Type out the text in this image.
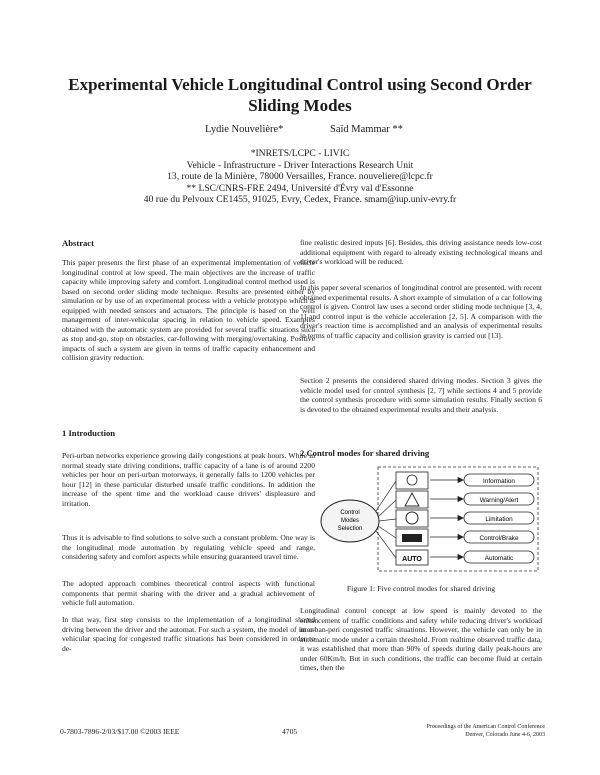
Experimental Vehicle Longitudinal Control using Second Order
Sliding Modes
Lydie Nouvelière*	Saïd Mammar **
*INRETS/LCPC - LIVIC
Vehicle - Infrastructure - Driver Interactions Research Unit
13, route de la Minière, 78000 Versailles, France. nouveliere@lcpc.fr
** LSC/CNRS-FRE 2494, Université d'Évry val d'Essonne
40 rue du Pelvoux CE1455, 91025, Evry, Cedex, France. smam@iup.univ-evry.fr
Abstract
This paper presents the first phase of an experimental implementation of vehicle longitudinal control at low speed. The main objectives are the increase of traffic capacity while improving safety and comfort. Longitudinal control method used is based on second order sliding mode technique. Results are presented either by simulation or by use of an experimental process with a vehicle prototype which is equipped with needed sensors and actuators. The principle is based on the well management of inter-vehicular spacing in relation to vehicle speed. Examples obtained with the automatic system are provided for several traffic situations such as stop and-go, stop on obstacles, car-following with merging/overtaking. Positive impacts of such a system are given in terms of traffic capacity enhancement and collision gravity reduction.
1 Introduction
Peri-urban networks experience growing daily congestions at peak hours. While in normal steady state driving conditions, traffic capacity of a lane is of around 2200 vehicles per hour on peri-urban motorways, it generally falls to 1200 vehicles per hour [12] in these particular disturbed unsafe traffic conditions. In addition the increase of the spent time and the workload cause drivers' displeasure and irritation.
Thus it is advisable to find solutions to solve such a constant problem. One way is the longitudinal mode automation by regulating vehicle speed and range, considering safety and comfort aspects while ensuring guaranteed travel time.
The adopted approach combines theoretical control aspects with functional components that permit sharing with the driver and a gradual achievement of vehicle full automation.
In that way, first step consists to the implementation of a longitudinal shared driving between the driver and the automat. For such a system, the model of inter-vehicular spacing for congested traffic situations has been considered in order to de-
fine realistic desired inputs [6]. Besides, this driving assistance needs low-cost additional equipment with regard to already existing technological means and driver's workload will be reduced.
In this paper several scenarios of longitudinal control are presented, with recent obtained experimental results. A short example of simulation of a car following control is given. Control law uses a second order sliding mode technique [3, 4, 1] and control input is the vehicle acceleration [2, 5]. A comparison with the driver's reaction time is accomplished and an analysis of experimental results in terms of traffic capacity and collision gravity is carried out [13].
Section 2 presents the considered shared driving modes. Section 3 gives the vehicle model used for control synthesis [2, 7] while sections 4 and 5 provide the control synthesis procedure with some simulation results. Finally section 6 is devoted to the obtained experimental results and their analysis.
2 Control modes for shared driving
Control
Modes
Selection
AUTO
Information
Warning/Alert
Limitation
Control/Brake
Automatic
Figure 1: Five control modes for shared driving
Longitudinal control concept at low speed is mainly devoted to the enhancement of traffic conditions and safety while reducing driver's workload in urban-peri congested traffic situations. However, the vehicle can only be in automatic mode under a certain threshold. From realtime observed traffic data, it was established that more than 90% of speeds during daily peak-hours are under 60Km/h. But in such conditions, the traffic can become fluid at certain times, then the
0-7803-7896-2/03/$17.00 ©2003 IEEE	4705	Proceedings of the American Control Conference
Denver, Colorado June 4-6, 2003
